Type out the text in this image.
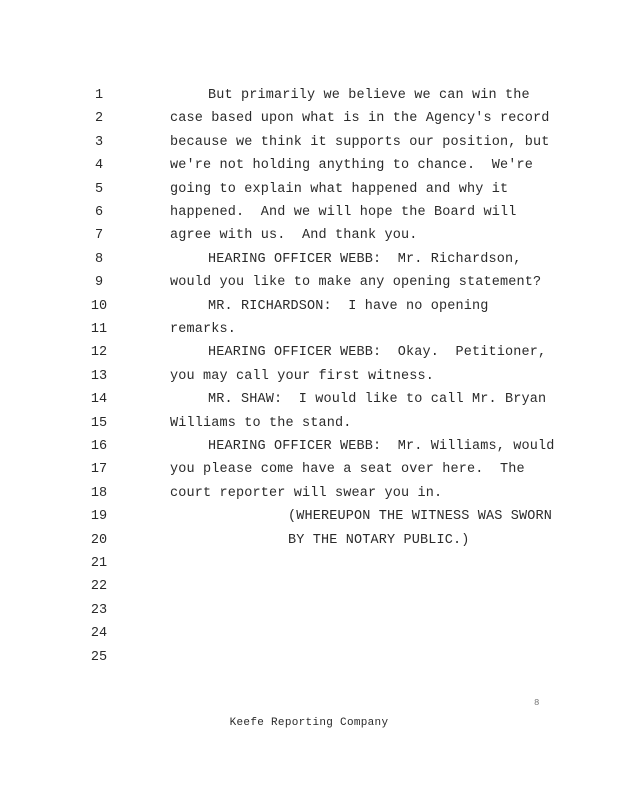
1	But primarily we believe we can win the
2	case based upon what is in the Agency's record
3	because we think it supports our position, but
4	we're not holding anything to chance.  We're
5	going to explain what happened and why it
6	happened.  And we will hope the Board will
7	agree with us.  And thank you.
8	HEARING OFFICER WEBB:  Mr. Richardson,
9	would you like to make any opening statement?
10	MR. RICHARDSON:  I have no opening
11	remarks.
12	HEARING OFFICER WEBB:  Okay.  Petitioner,
13	you may call your first witness.
14	MR. SHAW:  I would like to call Mr. Bryan
15	Williams to the stand.
16	HEARING OFFICER WEBB:  Mr. Williams, would
17	you please come have a seat over here.  The
18	court reporter will swear you in.
19	(WHEREUPON THE WITNESS WAS SWORN
20	BY THE NOTARY PUBLIC.)
21
22
23
24
25
8
Keefe Reporting Company
